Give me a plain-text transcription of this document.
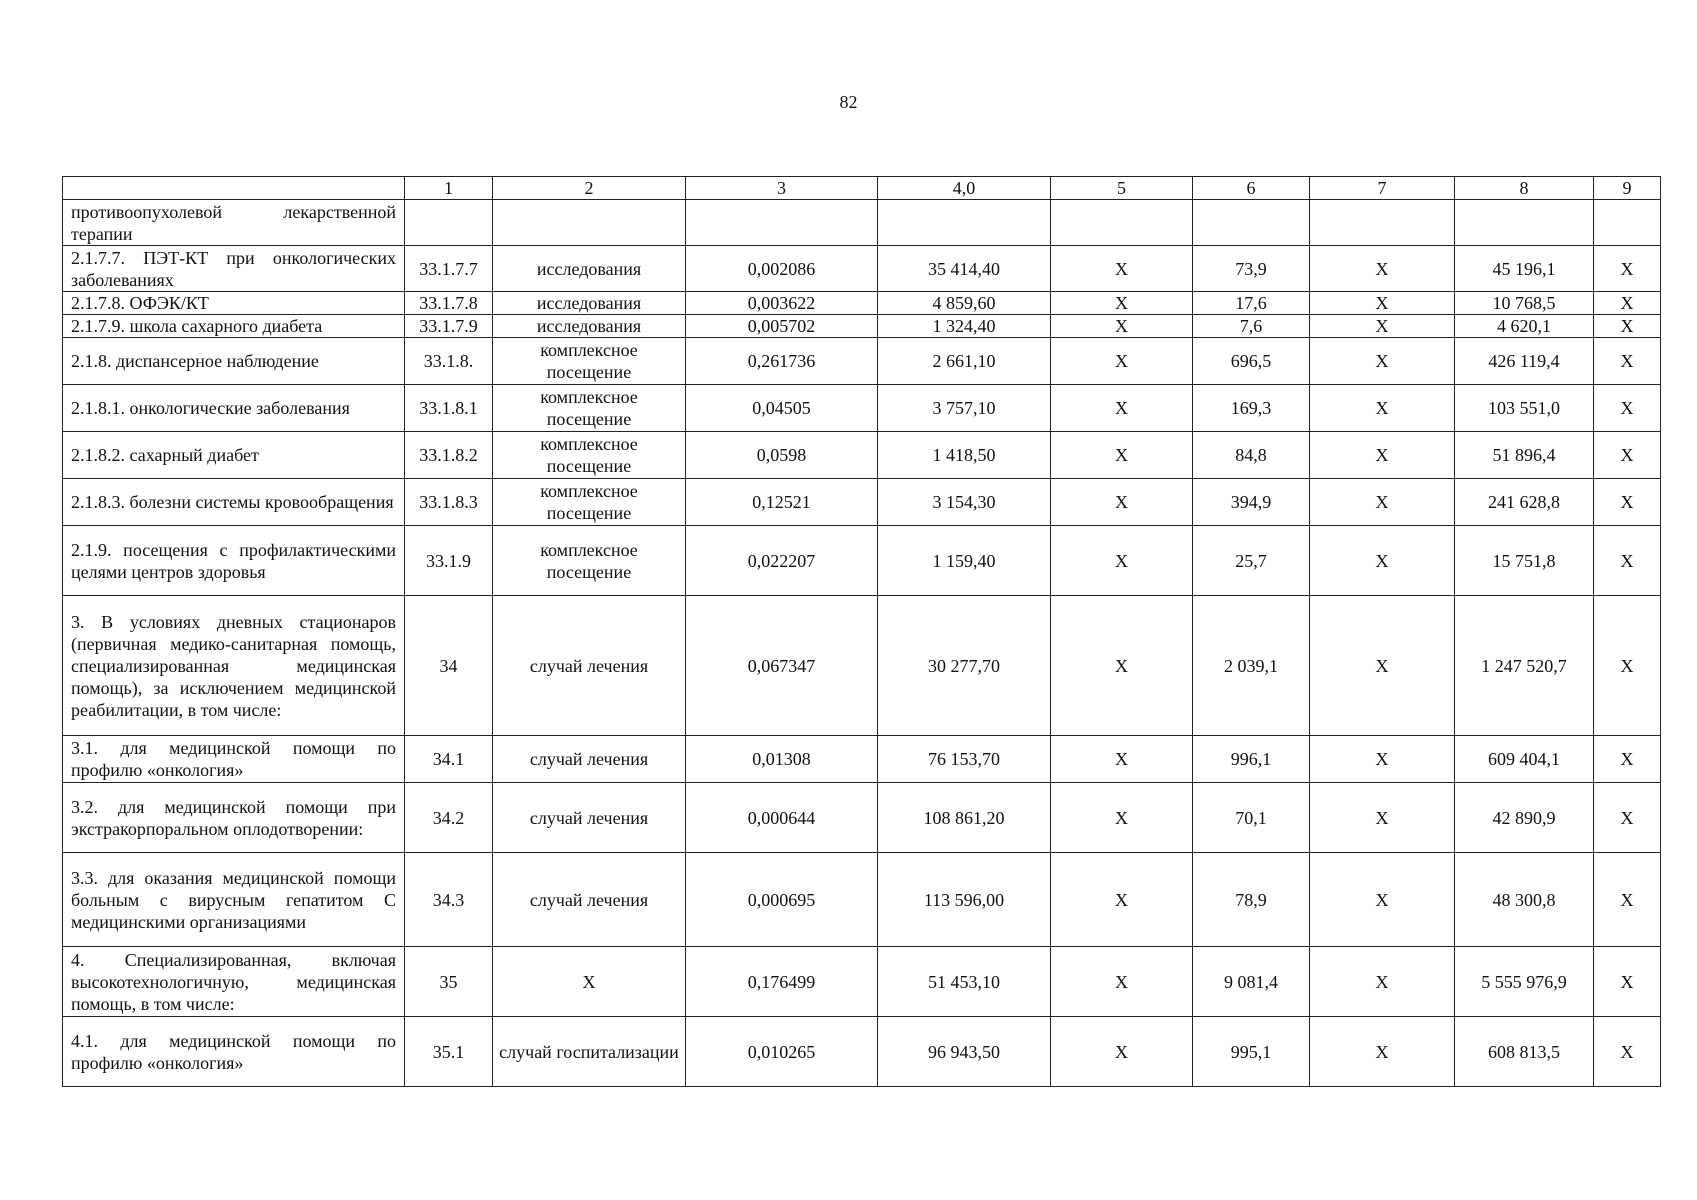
82
	1	2	3	4,0	5	6	7	8	9
противоопухолевой лекарственной терапии									
2.1.7.7. ПЭТ-КТ при онкологических заболеваниях	33.1.7.7	исследования	0,002086	35 414,40	Х	73,9	Х	45 196,1	Х
2.1.7.8. ОФЭК/КТ	33.1.7.8	исследования	0,003622	4 859,60	Х	17,6	Х	10 768,5	Х
2.1.7.9. школа сахарного диабета	33.1.7.9	исследования	0,005702	1 324,40	Х	7,6	Х	4 620,1	Х
2.1.8. диспансерное наблюдение	33.1.8.	комплексное посещение	0,261736	2 661,10	Х	696,5	Х	426 119,4	Х
2.1.8.1. онкологические заболевания	33.1.8.1	комплексное посещение	0,04505	3 757,10	Х	169,3	Х	103 551,0	Х
2.1.8.2. сахарный диабет	33.1.8.2	комплексное посещение	0,0598	1 418,50	Х	84,8	Х	51 896,4	Х
2.1.8.3. болезни системы кровообращения	33.1.8.3	комплексное посещение	0,12521	3 154,30	Х	394,9	Х	241 628,8	Х
2.1.9. посещения с профилактическими целями центров здоровья	33.1.9	комплексное посещение	0,022207	1 159,40	Х	25,7	Х	15 751,8	Х
3. В условиях дневных стационаров (первичная медико-санитарная помощь, специализированная медицинская помощь), за исключением медицинской реабилитации, в том числе:	34	случай лечения	0,067347	30 277,70	Х	2 039,1	Х	1 247 520,7	Х
3.1. для медицинской помощи по профилю «онкология»	34.1	случай лечения	0,01308	76 153,70	Х	996,1	Х	609 404,1	Х
3.2. для медицинской помощи при экстракорпоральном оплодотворении:	34.2	случай лечения	0,000644	108 861,20	Х	70,1	Х	42 890,9	Х
3.3. для оказания медицинской помощи больным с вирусным гепатитом С медицинскими организациями	34.3	случай лечения	0,000695	113 596,00	Х	78,9	Х	48 300,8	Х
4. Специализированная, включая высокотехнологичную, медицинская помощь, в том числе:	35	Х	0,176499	51 453,10	Х	9 081,4	Х	5 555 976,9	Х
4.1. для медицинской помощи по профилю «онкология»	35.1	случай госпитализации	0,010265	96 943,50	Х	995,1	Х	608 813,5	Х
